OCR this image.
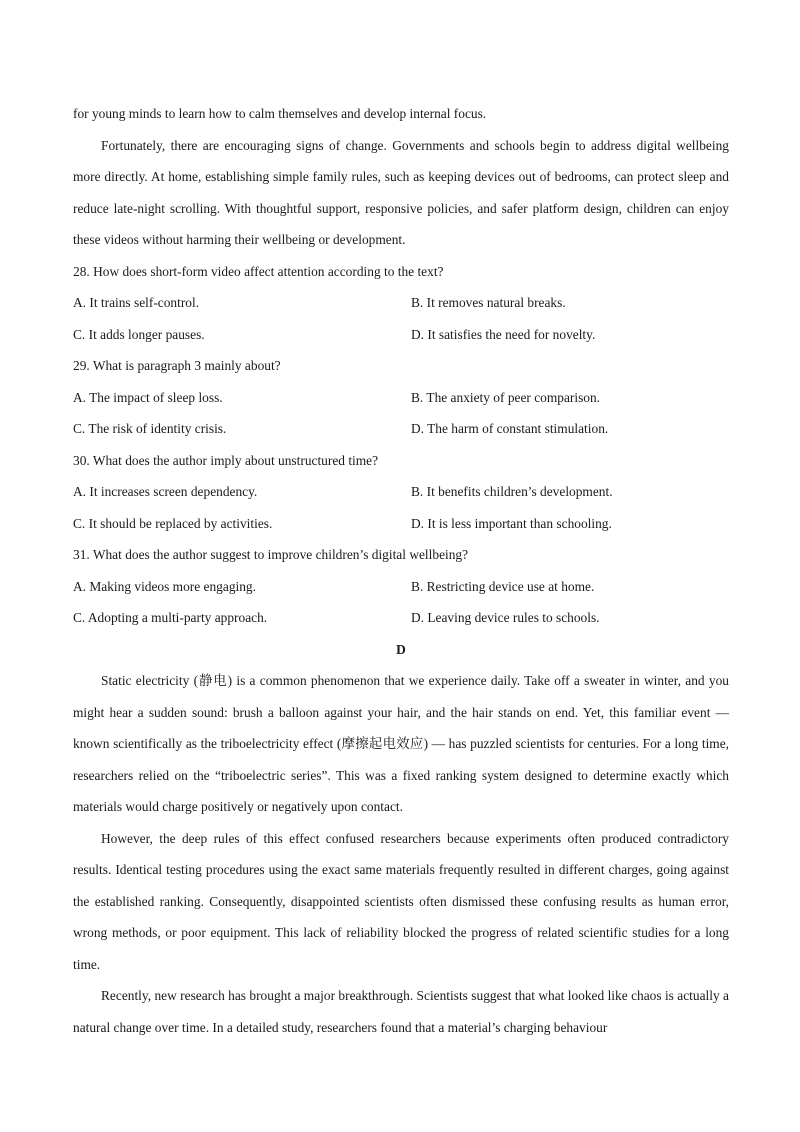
for young minds to learn how to calm themselves and develop internal focus.

Fortunately, there are encouraging signs of change. Governments and schools begin to address digital wellbeing more directly. At home, establishing simple family rules, such as keeping devices out of bedrooms, can protect sleep and reduce late-night scrolling. With thoughtful support, responsive policies, and safer platform design, children can enjoy these videos without harming their wellbeing or development.

28. How does short-form video affect attention according to the text?
A. It trains self-control.	B. It removes natural breaks.
C. It adds longer pauses.	D. It satisfies the need for novelty.
29. What is paragraph 3 mainly about?
A. The impact of sleep loss.	B. The anxiety of peer comparison.
C. The risk of identity crisis.	D. The harm of constant stimulation.
30. What does the author imply about unstructured time?
A. It increases screen dependency.	B. It benefits children’s development.
C. It should be replaced by activities.	D. It is less important than schooling.
31. What does the author suggest to improve children’s digital wellbeing?
A. Making videos more engaging.	B. Restricting device use at home.
C. Adopting a multi-party approach.	D. Leaving device rules to schools.
D

Static electricity (静电) is a common phenomenon that we experience daily. Take off a sweater in winter, and you might hear a sudden sound: brush a balloon against your hair, and the hair stands on end. Yet, this familiar event — known scientifically as the triboelectricity effect (摩擦起电效应) — has puzzled scientists for centuries. For a long time, researchers relied on the “triboelectric series”. This was a fixed ranking system designed to determine exactly which materials would charge positively or negatively upon contact.

However, the deep rules of this effect confused researchers because experiments often produced contradictory results. Identical testing procedures using the exact same materials frequently resulted in different charges, going against the established ranking. Consequently, disappointed scientists often dismissed these confusing results as human error, wrong methods, or poor equipment. This lack of reliability blocked the progress of related scientific studies for a long time.

Recently, new research has brought a major breakthrough. Scientists suggest that what looked like chaos is actually a natural change over time. In a detailed study, researchers found that a material’s charging behaviour
